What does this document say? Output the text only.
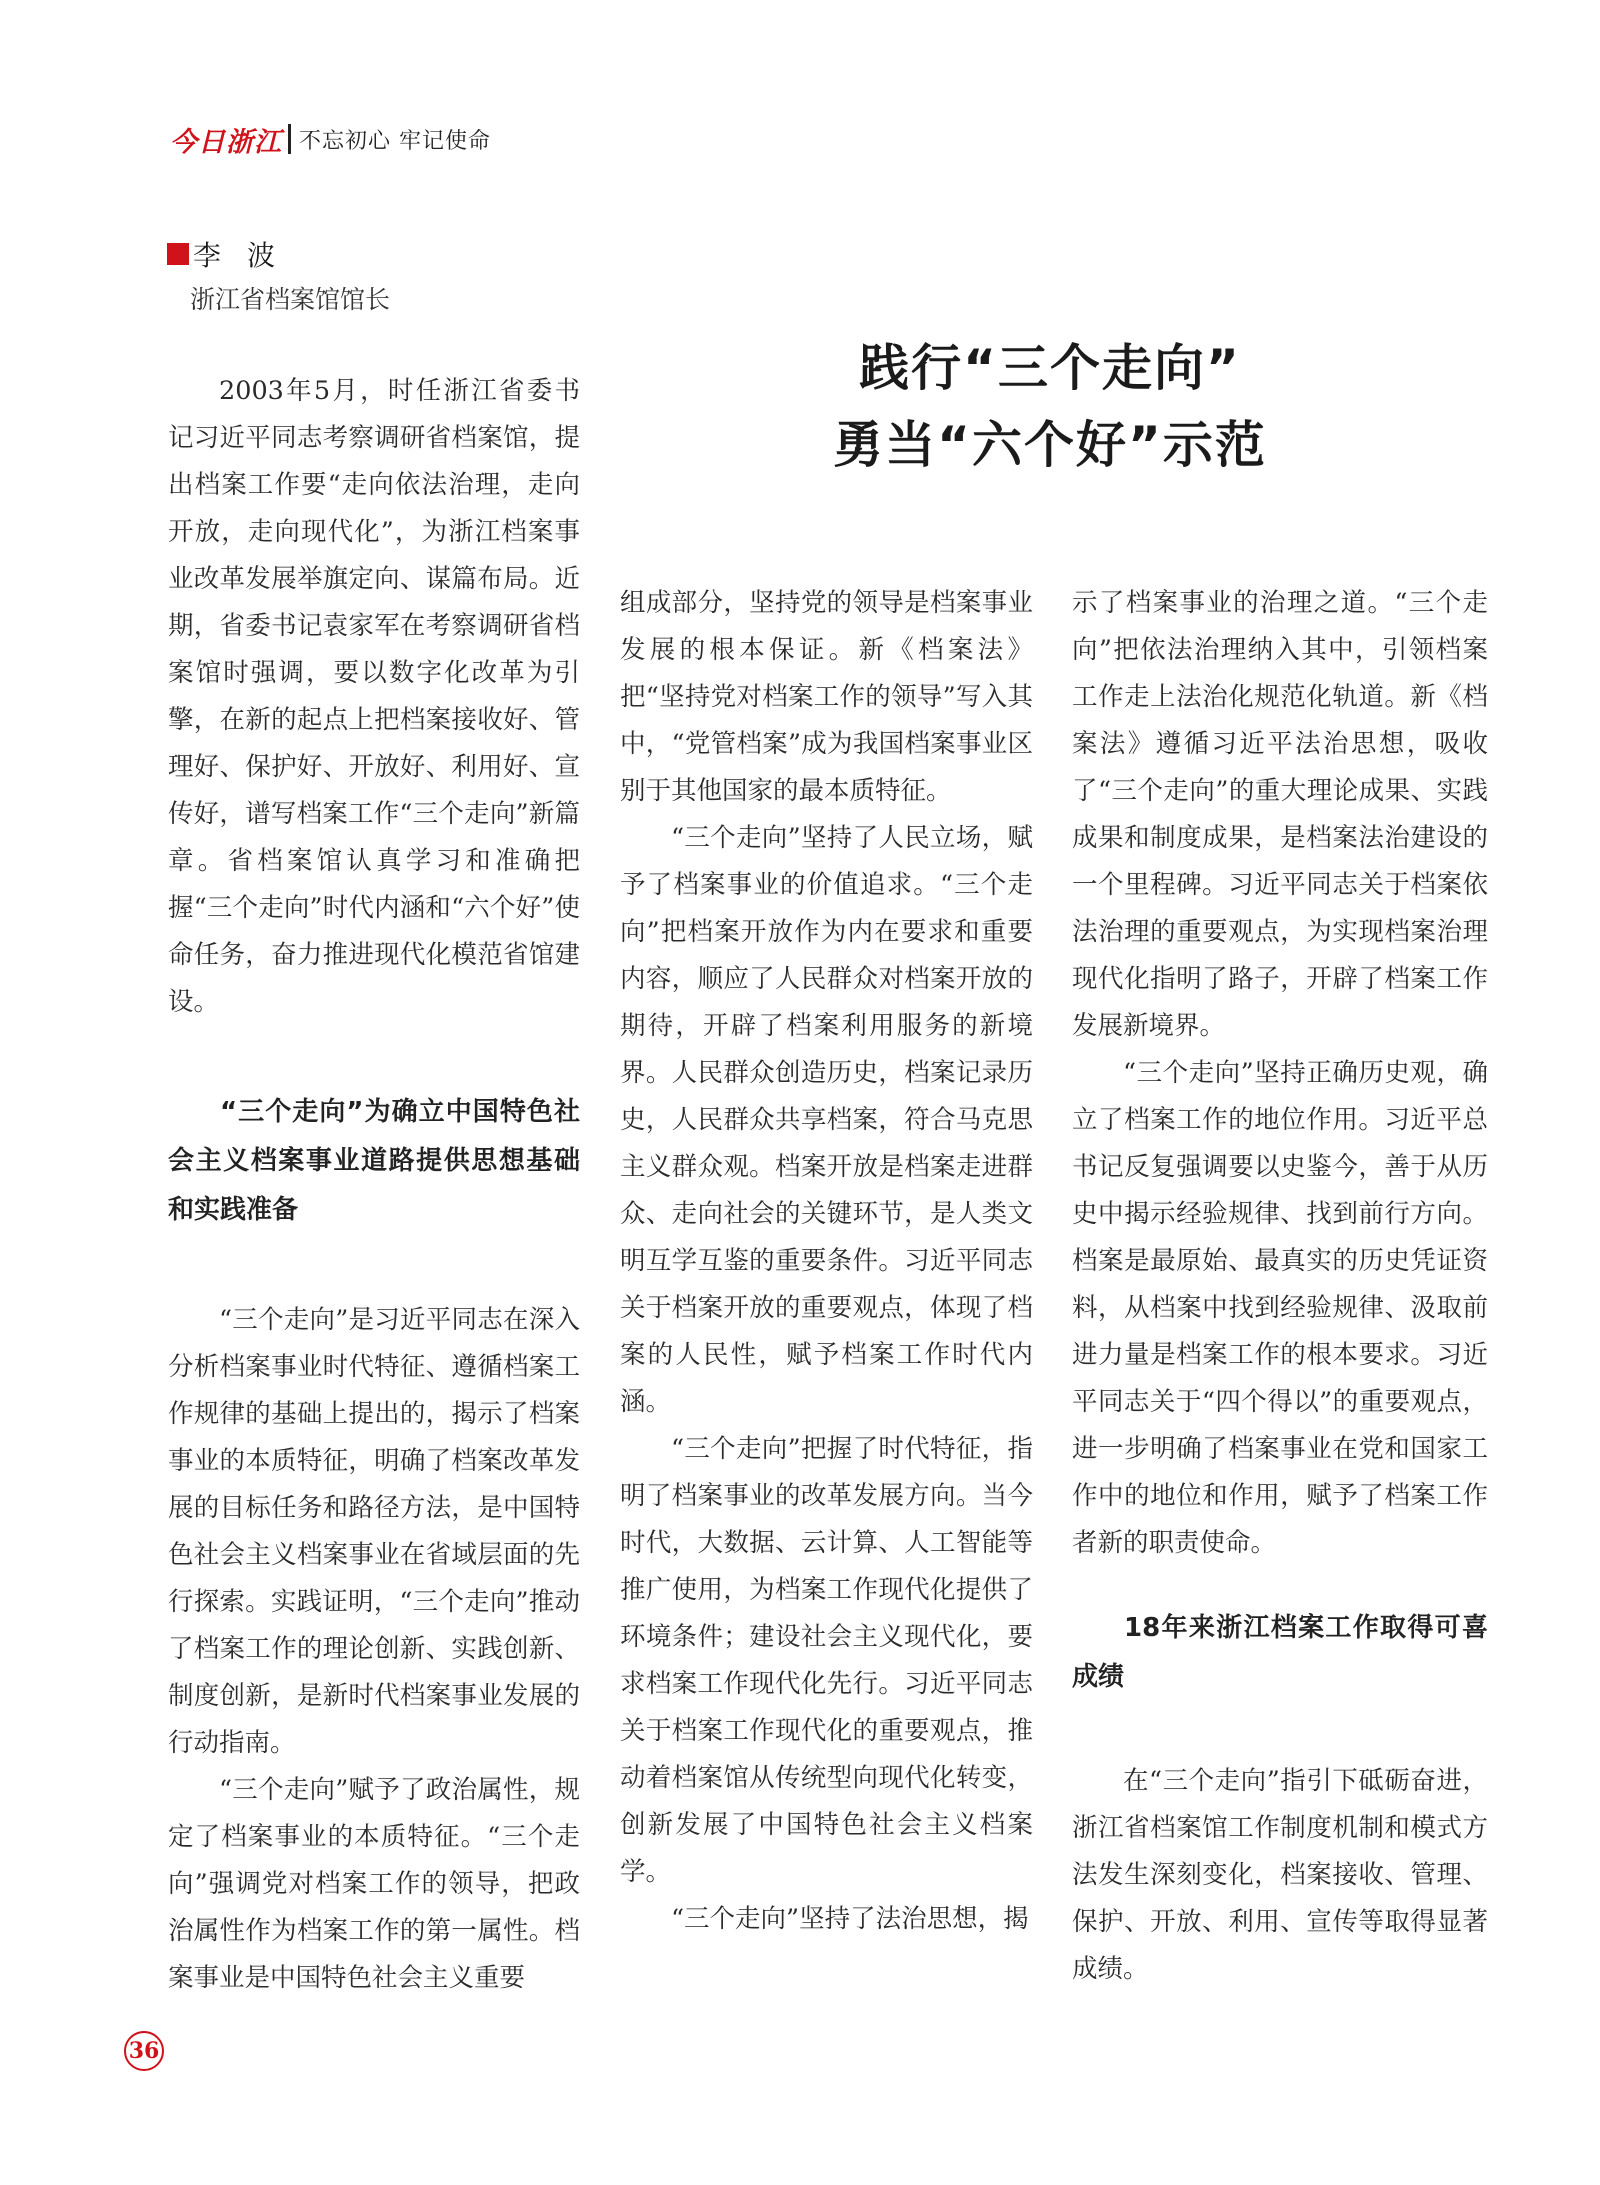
今日浙江 不忘初心 牢记使命
李波
浙江省档案馆馆长
践行“三个走向”
勇当“六个好”示范

2003年5月，时任浙江省委书记习近平同志考察调研省档案馆，提出档案工作要“走向依法治理，走向开放，走向现代化”，为浙江档案事业改革发展举旗定向、谋篇布局。近期，省委书记袁家军在考察调研省档案馆时强调，要以数字化改革为引擎，在新的起点上把档案接收好、管理好、保护好、开放好、利用好、宣传好，谱写档案工作“三个走向”新篇章。省档案馆认真学习和准确把握“三个走向”时代内涵和“六个好”使命任务，奋力推进现代化模范省馆建设。

“三个走向”为确立中国特色社会主义档案事业道路提供思想基础和实践准备

“三个走向”是习近平同志在深入分析档案事业时代特征、遵循档案工作规律的基础上提出的，揭示了档案事业的本质特征，明确了档案改革发展的目标任务和路径方法，是中国特色社会主义档案事业在省域层面的先行探索。实践证明，“三个走向”推动了档案工作的理论创新、实践创新、制度创新，是新时代档案事业发展的行动指南。

“三个走向”赋予了政治属性，规定了档案事业的本质特征。“三个走向”强调党对档案工作的领导，把政治属性作为档案工作的第一属性。档案事业是中国特色社会主义重要

组成部分，坚持党的领导是档案事业发展的根本保证。新《档案法》把“坚持党对档案工作的领导”写入其中，“党管档案”成为我国档案事业区别于其他国家的最本质特征。

“三个走向”坚持了人民立场，赋予了档案事业的价值追求。“三个走向”把档案开放作为内在要求和重要内容，顺应了人民群众对档案开放的期待，开辟了档案利用服务的新境界。人民群众创造历史，档案记录历史，人民群众共享档案，符合马克思主义群众观。档案开放是档案走进群众、走向社会的关键环节，是人类文明互学互鉴的重要条件。习近平同志关于档案开放的重要观点，体现了档案的人民性，赋予档案工作时代内涵。

“三个走向”把握了时代特征，指明了档案事业的改革发展方向。当今时代，大数据、云计算、人工智能等推广使用，为档案工作现代化提供了环境条件；建设社会主义现代化，要求档案工作现代化先行。习近平同志关于档案工作现代化的重要观点，推动着档案馆从传统型向现代化转变，创新发展了中国特色社会主义档案学。

“三个走向”坚持了法治思想，揭

示了档案事业的治理之道。“三个走向”把依法治理纳入其中，引领档案工作走上法治化规范化轨道。新《档案法》遵循习近平法治思想，吸收了“三个走向”的重大理论成果、实践成果和制度成果，是档案法治建设的一个里程碑。习近平同志关于档案依法治理的重要观点，为实现档案治理现代化指明了路子，开辟了档案工作发展新境界。

“三个走向”坚持正确历史观，确立了档案工作的地位作用。习近平总书记反复强调要以史鉴今，善于从历史中揭示经验规律、找到前行方向。档案是最原始、最真实的历史凭证资料，从档案中找到经验规律、汲取前进力量是档案工作的根本要求。习近平同志关于“四个得以”的重要观点，进一步明确了档案事业在党和国家工作中的地位和作用，赋予了档案工作者新的职责使命。

18年来浙江档案工作取得可喜成绩

在“三个走向”指引下砥砺奋进，浙江省档案馆工作制度机制和模式方法发生深刻变化，档案接收、管理、保护、开放、利用、宣传等取得显著成绩。

36
